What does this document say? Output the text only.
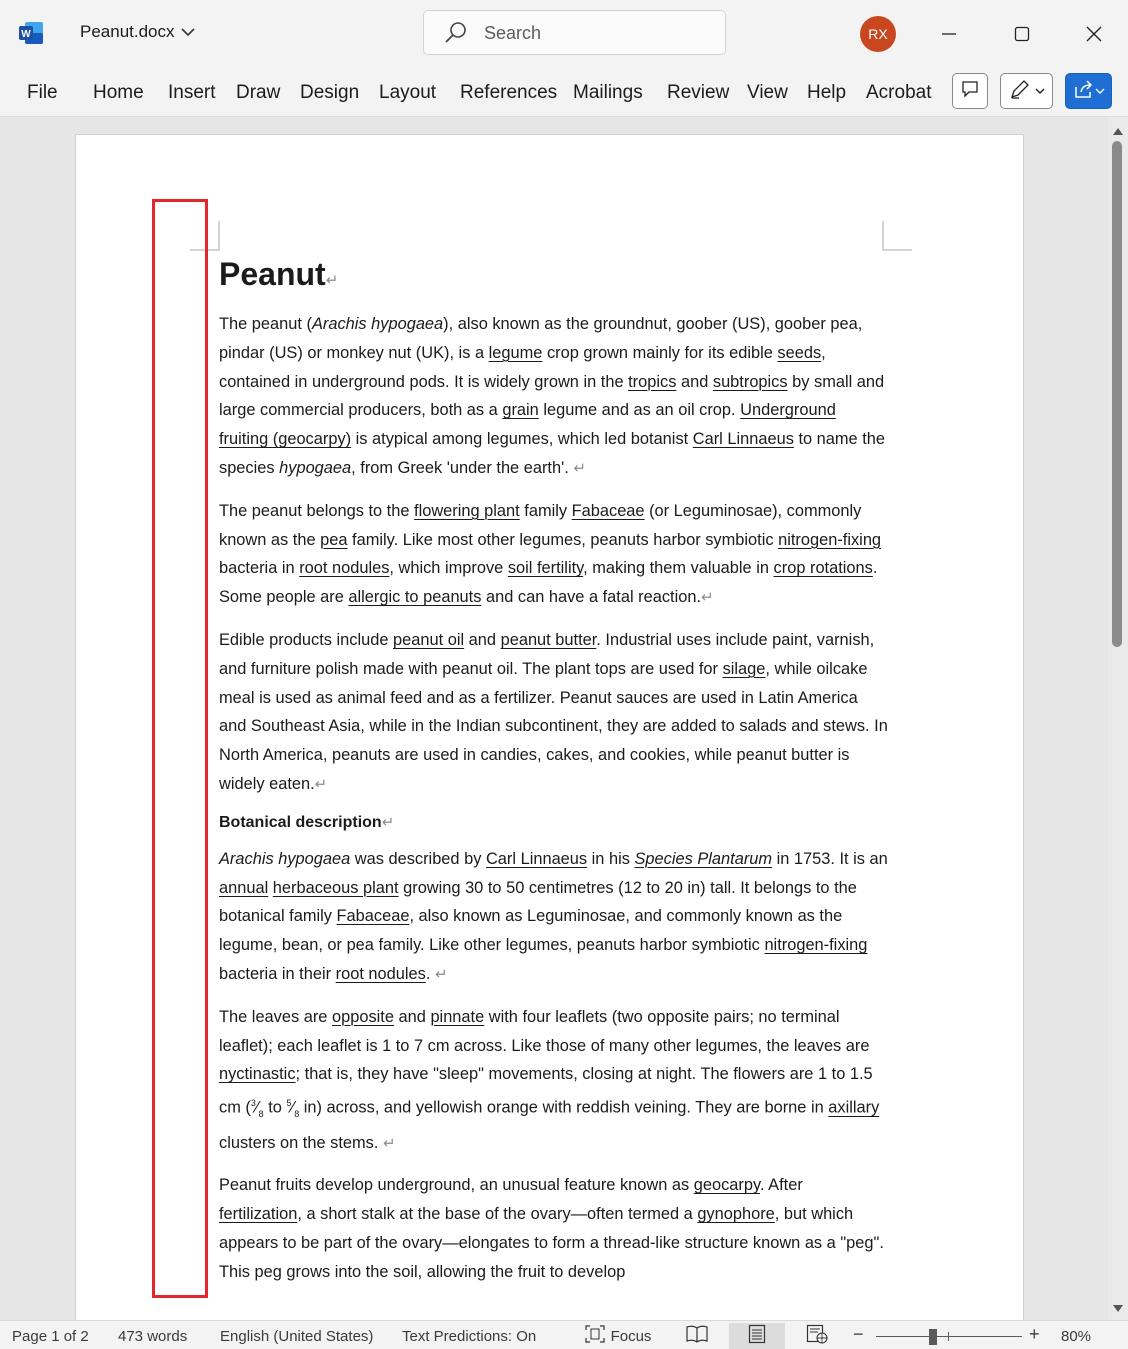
W	Peanut.docx	Search	RX
File Home Insert Draw Design Layout References Mailings Review View Help Acrobat
Peanut↵

The peanut (Arachis hypogaea), also known as the groundnut, goober (US), goober pea, pindar (US) or monkey nut (UK), is a legume crop grown mainly for its edible seeds, contained in underground pods. It is widely grown in the tropics and subtropics by small and large commercial producers, both as a grain legume and as an oil crop. Underground fruiting (geocarpy) is atypical among legumes, which led botanist Carl Linnaeus to name the species hypogaea, from Greek 'under the earth'. ↵

The peanut belongs to the flowering plant family Fabaceae (or Leguminosae), commonly known as the pea family. Like most other legumes, peanuts harbor symbiotic nitrogen-fixing bacteria in root nodules, which improve soil fertility, making them valuable in crop rotations. Some people are allergic to peanuts and can have a fatal reaction.↵

Edible products include peanut oil and peanut butter. Industrial uses include paint, varnish, and furniture polish made with peanut oil. The plant tops are used for silage, while oilcake meal is used as animal feed and as a fertilizer. Peanut sauces are used in Latin America and Southeast Asia, while in the Indian subcontinent, they are added to salads and stews. In North America, peanuts are used in candies, cakes, and cookies, while peanut butter is widely eaten.↵

Botanical description↵

Arachis hypogaea was described by Carl Linnaeus in his Species Plantarum in 1753. It is an annual herbaceous plant growing 30 to 50 centimetres (12 to 20 in) tall. It belongs to the botanical family Fabaceae, also known as Leguminosae, and commonly known as the legume, bean, or pea family. Like other legumes, peanuts harbor symbiotic nitrogen-fixing bacteria in their root nodules. ↵

The leaves are opposite and pinnate with four leaflets (two opposite pairs; no terminal leaflet); each leaflet is 1 to 7 cm across. Like those of many other legumes, the leaves are nyctinastic; that is, they have "sleep" movements, closing at night. The flowers are 1 to 1.5 cm ($^3⁄_8$ to $^5⁄_8$ in) across, and yellowish orange with reddish veining. They are borne in axillary clusters on the stems. ↵

Peanut fruits develop underground, an unusual feature known as geocarpy. After fertilization, a short stalk at the base of the ovary—often termed a gynophore, but which appears to be part of the ovary—elongates to form a thread-like structure known as a "peg". This peg grows into the soil, allowing the fruit to develop

Page 1 of 2 473 words English (United States) Text Predictions: On	Focus	−	+ 80%
